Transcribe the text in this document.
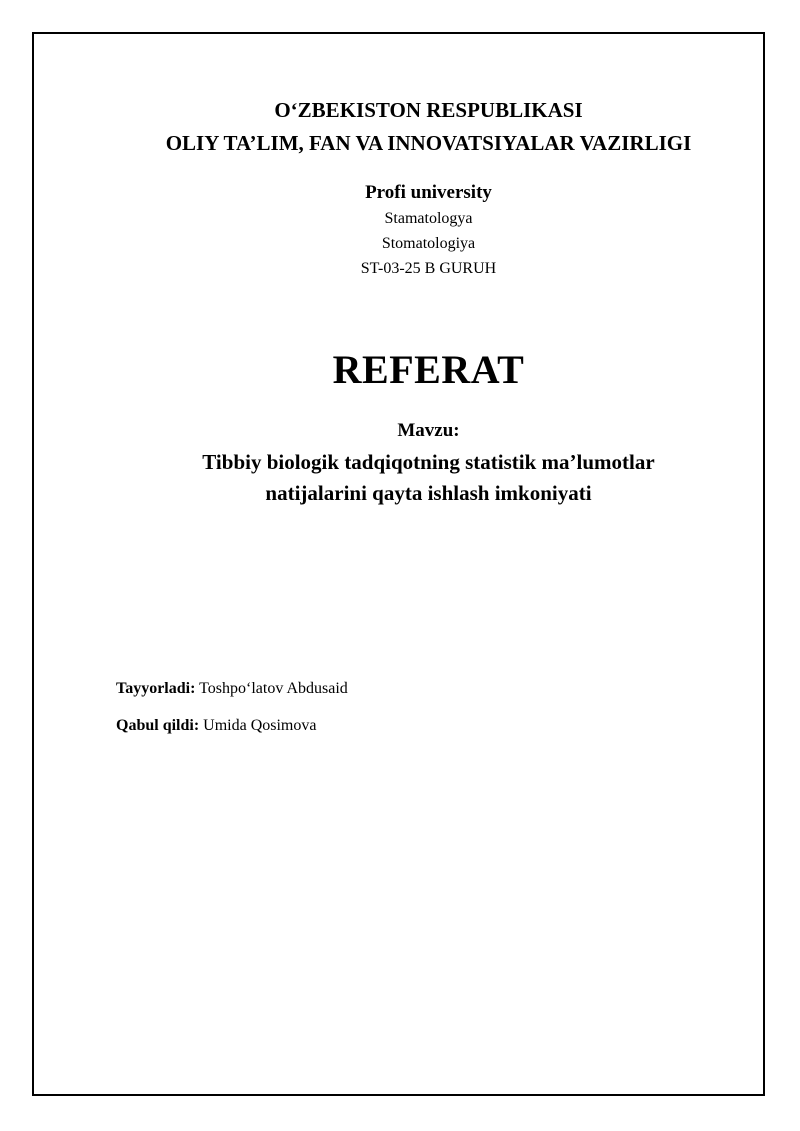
O‘ZBEKISTON RESPUBLIKASI
OLIY TA’LIM, FAN VA INNOVATSIYALAR VAZIRLIGI
Profi university
Stamatologya
Stomatologiya
ST-03-25 B GURUH
REFERAT
Mavzu:
Tibbiy biologik tadqiqotning statistik ma’lumotlar
natijalarini qayta ishlash imkoniyati
Tayyorladi: Toshpo‘latov Abdusaid
Qabul qildi: Umida Qosimova
